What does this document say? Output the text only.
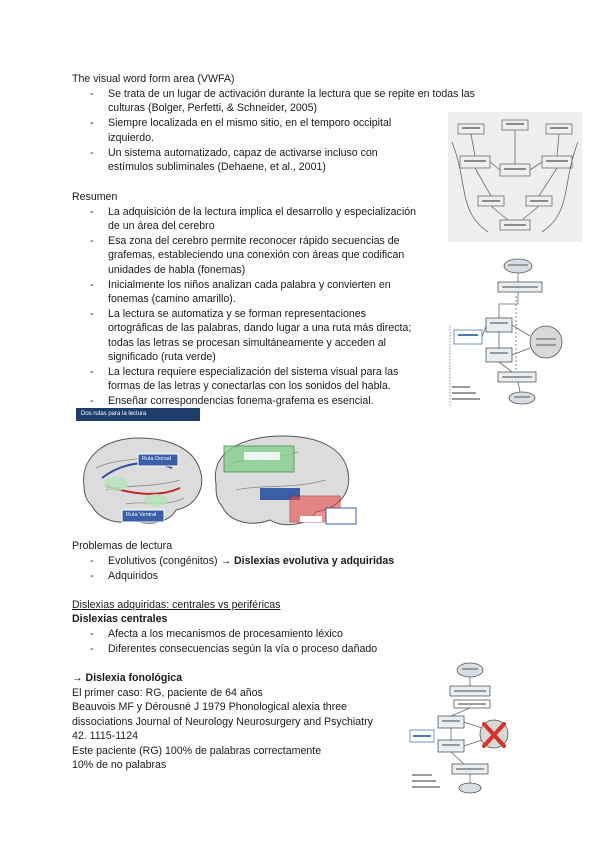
The visual word form area (VWFA)
- Se trata de un lugar de activación durante la lectura que se repite en todas las
culturas (Bolger, Perfetti, & Schneider, 2005)
- Siempre localizada en el mismo sitio, en el temporo occipital
izquierdo.
- Un sistema automatizado, capaz de activarse incluso con
estímulos subliminales (Dehaene, et al., 2001)
Resumen
- La adquisición de la lectura implica el desarrollo y especialización
de un área del cerebro
- Esa zona del cerebro permite reconocer rápido secuencias de
grafemas, estableciendo una conexión con áreas que codifican
unidades de habla (fonemas)
- Inicialmente los niños analizan cada palabra y convierten en
fonemas (camino amarillo).
- La lectura se automatiza y se forman representaciones
ortográficas de las palabras, dando lugar a una ruta más directa;
todas las letras se procesan simultáneamente y acceden al
significado (ruta verde)
- La lectura requiere especialización del sistema visual para las
formas de las letras y conectarlas con los sonidos del habla.
- Enseñar correspondencias fonema-grafema es esencial.
Dos rutas para la lectura
Ruta Dorsal
Ruta Ventral
Problemas de lectura
- Evolutivos (congénitos) → Dislexias evolutiva y adquiridas
- Adquiridos
Dislexias adquiridas: centrales vs periféricas
Dislexias centrales
- Afecta a los mecanismos de procesamiento léxico
- Diferentes consecuencias según la vía o proceso dañado
→ Dislexia fonológica
El primer caso: RG, paciente de 64 años
Beauvois MF y Dérousné J 1979 Phonological alexia three
dissociations Journal of Neurology Neurosurgery and Psychiatry
42. 1115-1124
Este paciente (RG) 100% de palabras correctamente
10% de no palabras
